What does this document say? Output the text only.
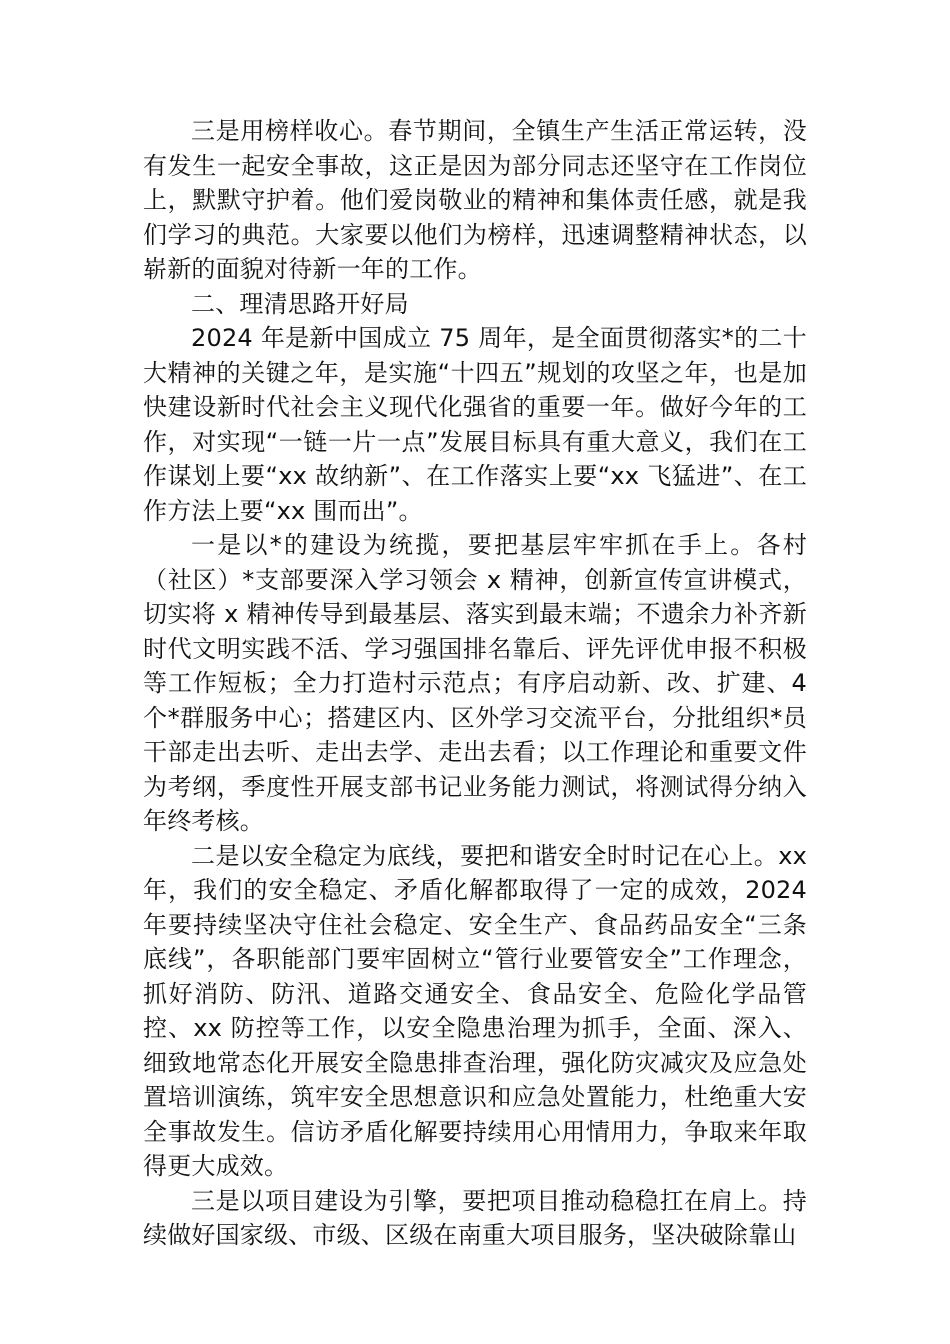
三是用榜样收心。春节期间，全镇生产生活正常运转，没有发生一起安全事故，这正是因为部分同志还坚守在工作岗位上，默默守护着。他们爱岗敬业的精神和集体责任感，就是我们学习的典范。大家要以他们为榜样，迅速调整精神状态，以崭新的面貌对待新一年的工作。

二、理清思路开好局

2024 年是新中国成立 75 周年，是全面贯彻落实*的二十大精神的关键之年，是实施“十四五”规划的攻坚之年，也是加快建设新时代社会主义现代化强省的重要一年。做好今年的工作，对实现“一链一片一点”发展目标具有重大意义，我们在工作谋划上要“xx 故纳新”、在工作落实上要“xx 飞猛进”、在工作方法上要“xx 围而出”。

一是以*的建设为统揽，要把基层牢牢抓在手上。各村（社区）*支部要深入学习领会 x 精神，创新宣传宣讲模式，切实将 x 精神传导到最基层、落实到最末端；不遗余力补齐新时代文明实践不活、学习强国排名靠后、评先评优申报不积极等工作短板；全力打造村示范点；有序启动新、改、扩建、4 个*群服务中心；搭建区内、区外学习交流平台，分批组织*员干部走出去听、走出去学、走出去看；以工作理论和重要文件为考纲，季度性开展支部书记业务能力测试，将测试得分纳入年终考核。

二是以安全稳定为底线，要把和谐安全时时记在心上。xx 年，我们的安全稳定、矛盾化解都取得了一定的成效，2024 年要持续坚决守住社会稳定、安全生产、食品药品安全“三条底线”，各职能部门要牢固树立“管行业要管安全”工作理念，抓好消防、防汛、道路交通安全、食品安全、危险化学品管控、xx 防控等工作，以安全隐患治理为抓手，全面、深入、细致地常态化开展安全隐患排查治理，强化防灾减灾及应急处置培训演练，筑牢安全思想意识和应急处置能力，杜绝重大安全事故发生。信访矛盾化解要持续用心用情用力，争取来年取得更大成效。

三是以项目建设为引擎，要把项目推动稳稳扛在肩上。持续做好国家级、市级、区级在南重大项目服务，坚决破除靠山
